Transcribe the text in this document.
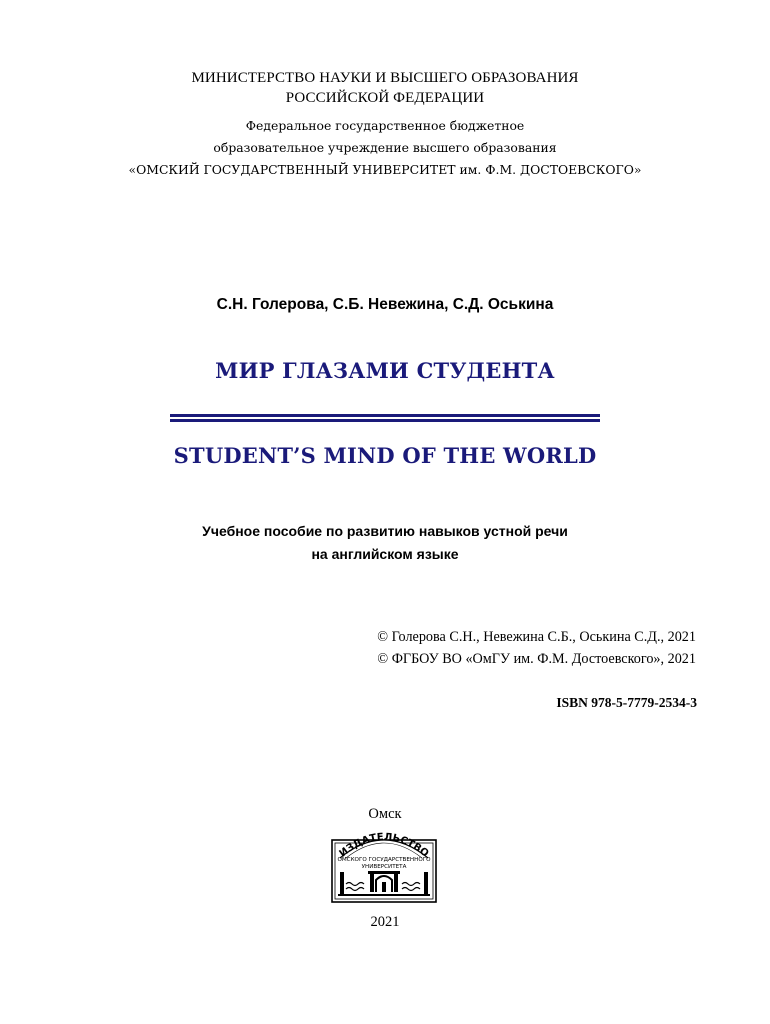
МИНИСТЕРСТВО НАУКИ И ВЫСШЕГО ОБРАЗОВАНИЯ
РОССИЙСКОЙ ФЕДЕРАЦИИ
Федеральное государственное бюджетное
образовательное учреждение высшего образования
«ОМСКИЙ ГОСУДАРСТВЕННЫЙ УНИВЕРСИТЕТ им. Ф.М. ДОСТОЕВСКОГО»
С.Н. Голерова, С.Б. Невежина, С.Д. Оськина
МИР ГЛАЗАМИ СТУДЕНТА
STUDENT’S MIND OF THE WORLD
Учебное пособие по развитию навыков устной речи
на английском языке
© Голерова С.Н., Невежина С.Б., Оськина С.Д., 2021
© ФГБОУ ВО «ОмГУ им. Ф.М. Достоевского», 2021
ISBN 978-5-7779-2534-3
Омск
ИЗДАТЕЛЬСТВО
ОМСКОГО ГОСУДАРСТВЕННОГО
УНИВЕРСИТЕТА
2021
